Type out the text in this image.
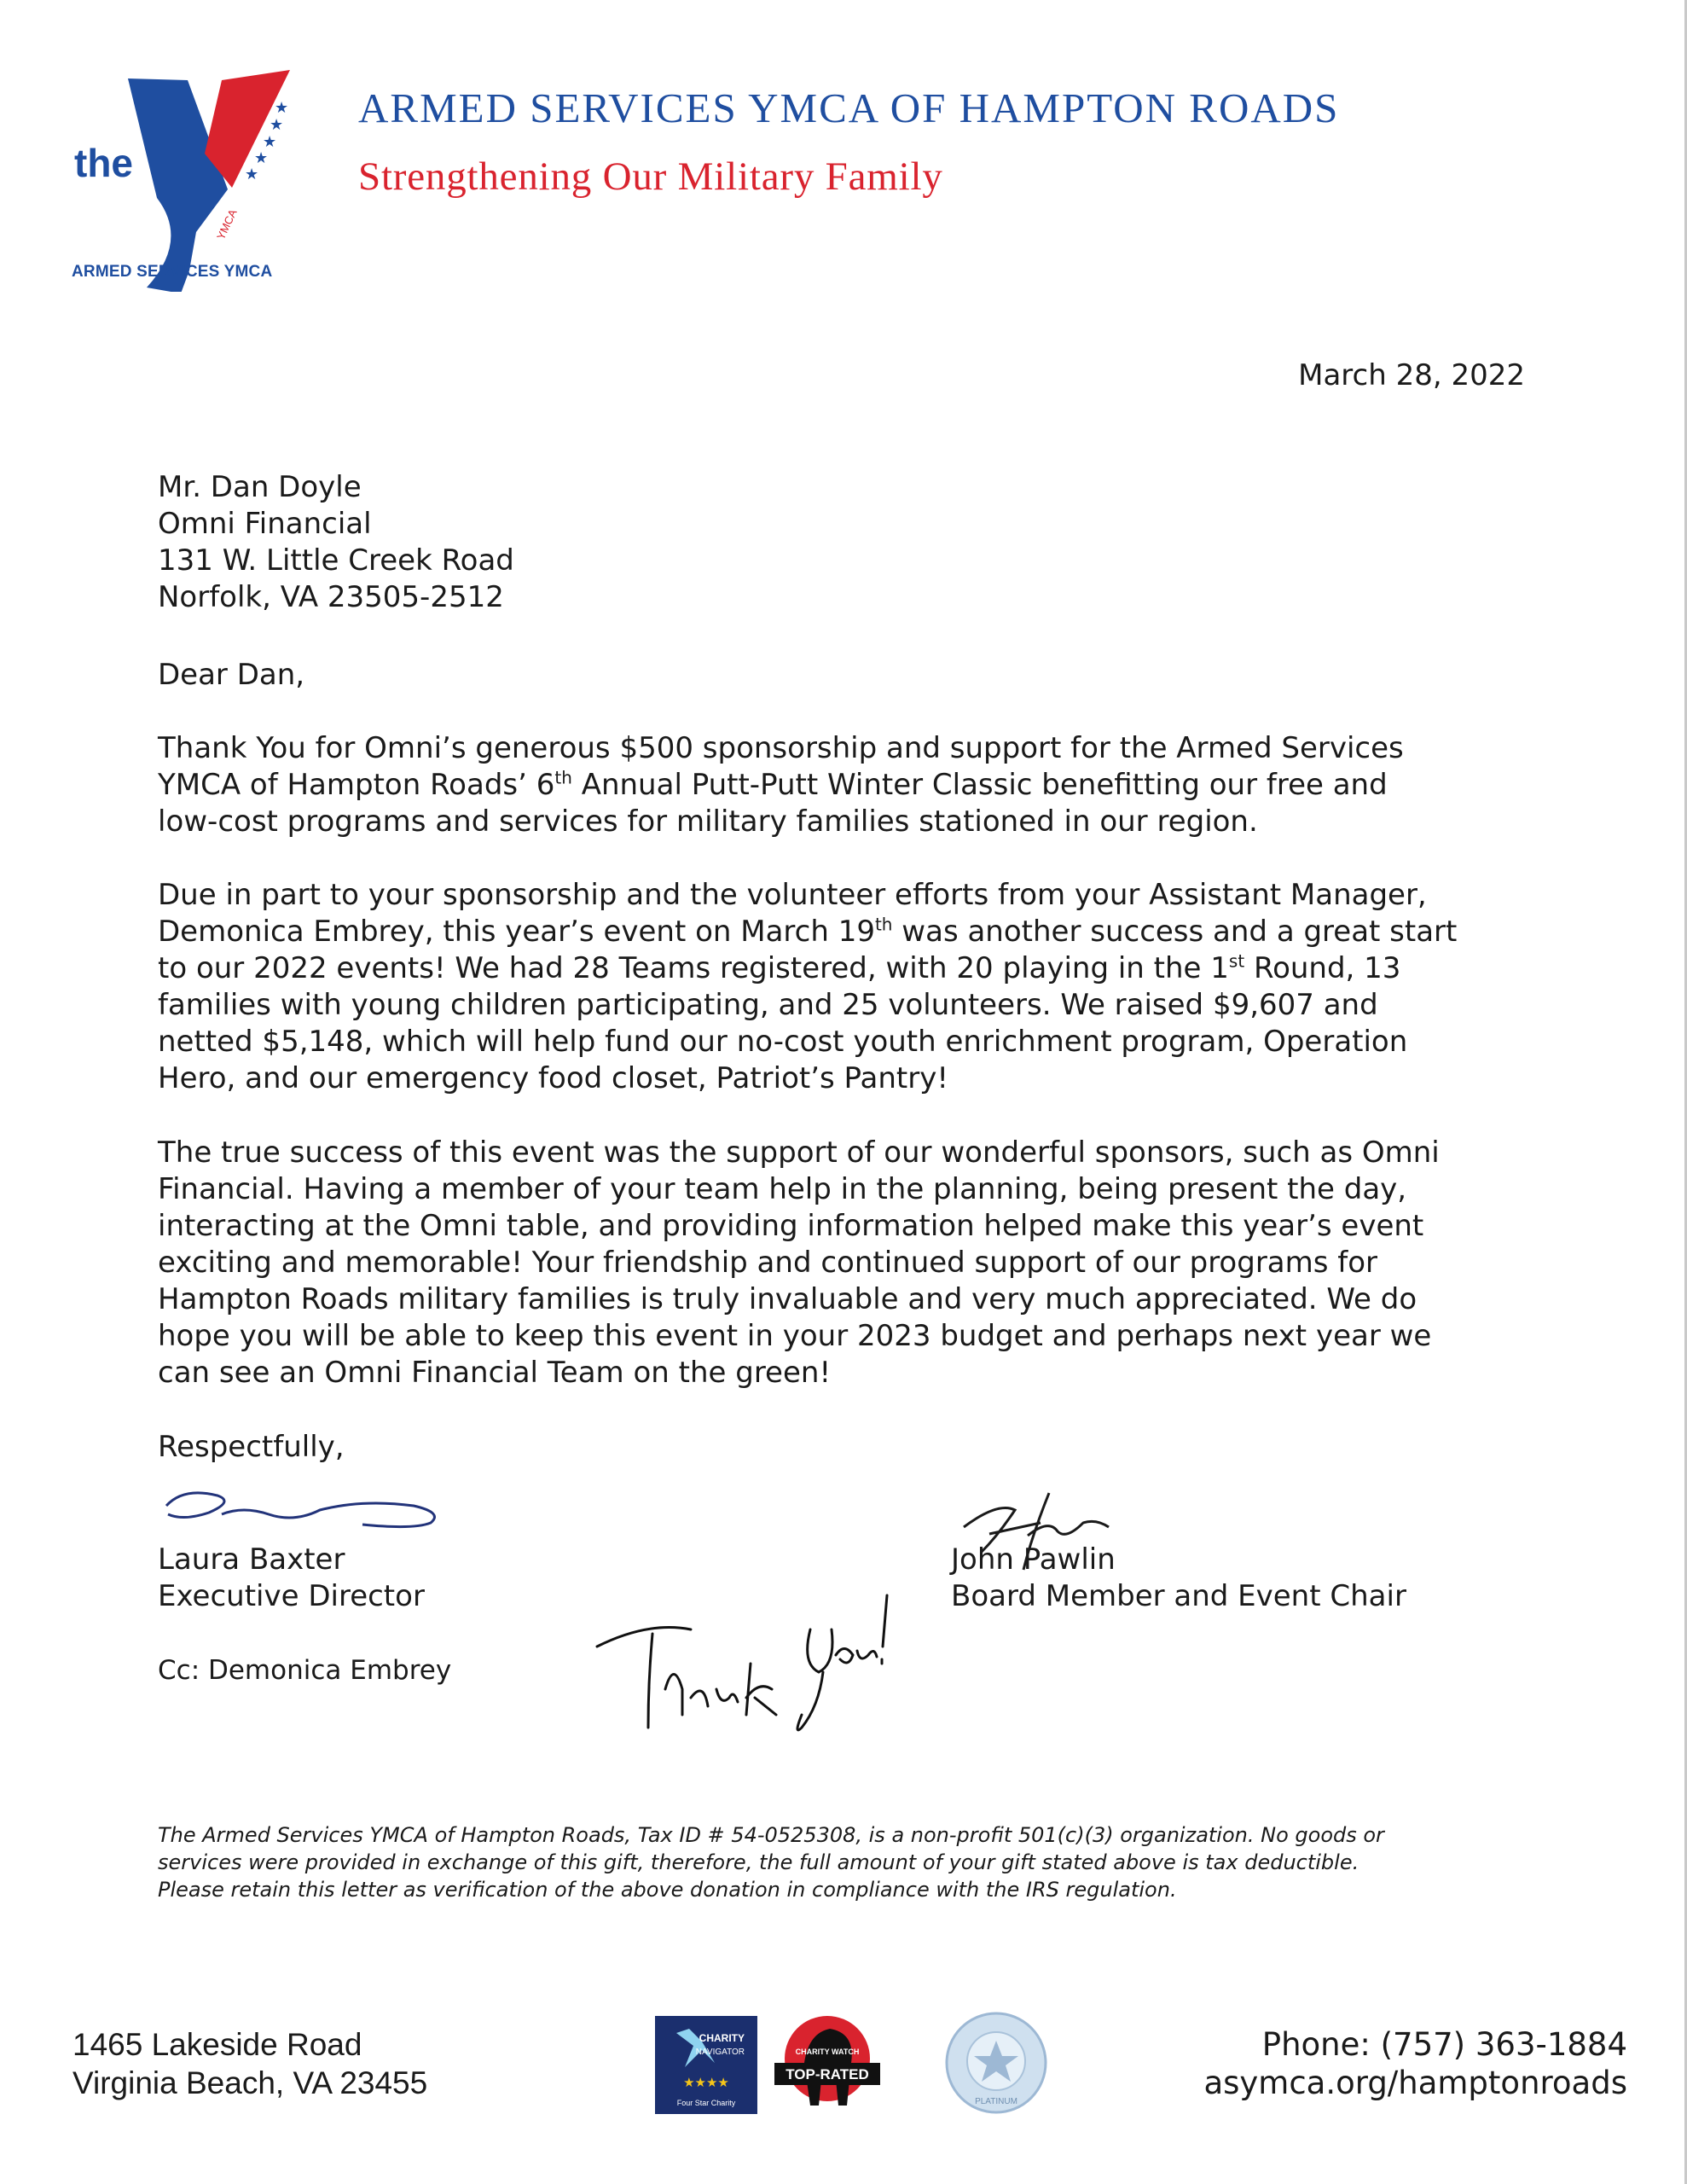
the
★
★
★
★
★
YMCA
ARMED SERVICES YMCA
ARMED SERVICES YMCA OF HAMPTON ROADS
Strengthening Our Military Family
March 28, 2022
Mr. Dan Doyle
Omni Financial
131 W. Little Creek Road
Norfolk, VA 23505-2512
Dear Dan,
Thank You for Omni’s generous $500 sponsorship and support for the Armed Services
YMCA of Hampton Roads’ 6th Annual Putt-Putt Winter Classic benefitting our free and
low-cost programs and services for military families stationed in our region.
Due in part to your sponsorship and the volunteer efforts from your Assistant Manager,
Demonica Embrey, this year’s event on March 19th was another success and a great start
to our 2022 events! We had 28 Teams registered, with 20 playing in the 1st Round, 13
families with young children participating, and 25 volunteers. We raised $9,607 and
netted $5,148, which will help fund our no-cost youth enrichment program, Operation
Hero, and our emergency food closet, Patriot’s Pantry!
The true success of this event was the support of our wonderful sponsors, such as Omni
Financial. Having a member of your team help in the planning, being present the day,
interacting at the Omni table, and providing information helped make this year’s event
exciting and memorable! Your friendship and continued support of our programs for
Hampton Roads military families is truly invaluable and very much appreciated. We do
hope you will be able to keep this event in your 2023 budget and perhaps next year we
can see an Omni Financial Team on the green!
Respectfully,
Laura Baxter
Executive Director
John Pawlin
Board Member and Event Chair
Cc: Demonica Embrey
The Armed Services YMCA of Hampton Roads, Tax ID # 54-0525308, is a non-profit 501(c)(3) organization. No goods or
services were provided in exchange of this gift, therefore, the full amount of your gift stated above is tax deductible.
Please retain this letter as verification of the above donation in compliance with the IRS regulation.
1465 Lakeside Road
Virginia Beach, VA 23455
CHARITY
NAVIGATOR
★★★★
Four Star Charity
CHARITY WATCH
TOP-RATED
PLATINUM
Phone: (757) 363-1884
asymca.org/hamptonroads
